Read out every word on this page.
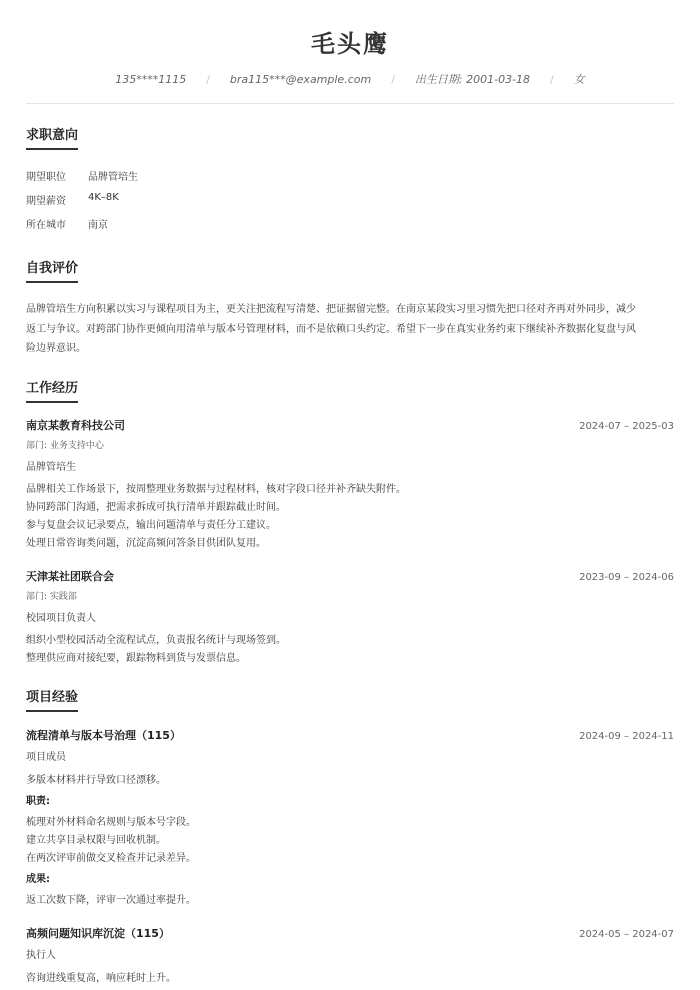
毛头鹰
135****1115	/	bra115***@example.com	/	出生日期: 2001-03-18	/	女
求职意向
期望职位	品牌管培生
期望薪资	4K–8K
所在城市	南京
自我评价
品牌管培生方向积累以实习与课程项目为主，更关注把流程写清楚、把证据留完整。在南京某段实习里习惯先把口径对齐再对外同步，减少
返工与争议。对跨部门协作更倾向用清单与版本号管理材料，而不是依赖口头约定。希望下一步在真实业务约束下继续补齐数据化复盘与风
险边界意识。
工作经历
南京某教育科技公司	2024-07 – 2025-03
部门: 业务支持中心
品牌管培生
品牌相关工作场景下，按周整理业务数据与过程材料，核对字段口径并补齐缺失附件。
协同跨部门沟通，把需求拆成可执行清单并跟踪截止时间。
参与复盘会议记录要点，输出问题清单与责任分工建议。
处理日常咨询类问题，沉淀高频问答条目供团队复用。
天津某社团联合会	2023-09 – 2024-06
部门: 实践部
校园项目负责人
组织小型校园活动全流程试点，负责报名统计与现场签到。
整理供应商对接纪要，跟踪物料到货与发票信息。
项目经验
流程清单与版本号治理（115）	2024-09 – 2024-11
项目成员
多版本材料并行导致口径漂移。
职责:
梳理对外材料命名规则与版本号字段。
建立共享目录权限与回收机制。
在两次评审前做交叉检查并记录差异。
成果:
返工次数下降，评审一次通过率提升。
高频问题知识库沉淀（115）	2024-05 – 2024-07
执行人
咨询进线重复高，响应耗时上升。
